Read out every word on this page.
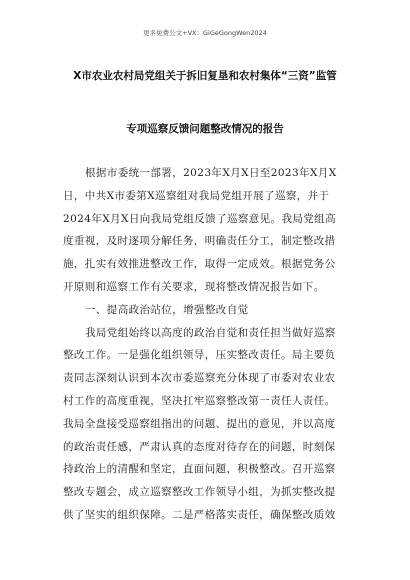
更多免费公文+VX：GiGeGongWen2024
X市农业农村局党组关于拆旧复垦和农村集体“三资”监管
专项巡察反馈问题整改情况的报告
根据市委统一部署，2023年X月X日至2023年X月X
日，中共X市委第X巡察组对我局党组开展了巡察，并于
2024年X月X日向我局党组反馈了巡察意见。我局党组高
度重视，及时逐项分解任务，明确责任分工，制定整改措
施，扎实有效推进整改工作，取得一定成效。根据党务公
开原则和巡察工作有关要求，现将整改情况报告如下。
一、提高政治站位，增强整改自觉
我局党组始终以高度的政治自觉和责任担当做好巡察
整改工作。一是强化组织领导，压实整改责任。局主要负
责同志深刻认识到本次市委巡察充分体现了市委对农业农
村工作的高度重视，坚决扛牢巡察整改第一责任人责任。
我局全盘接受巡察组指出的问题、提出的意见，并以高度
的政治责任感，严肃认真的态度对待存在的问题，时刻保
持政治上的清醒和坚定，直面问题，积极整改。召开巡察
整改专题会，成立巡察整改工作领导小组，为抓实整改提
供了坚实的组织保障。二是严格落实责任，确保整改质效
